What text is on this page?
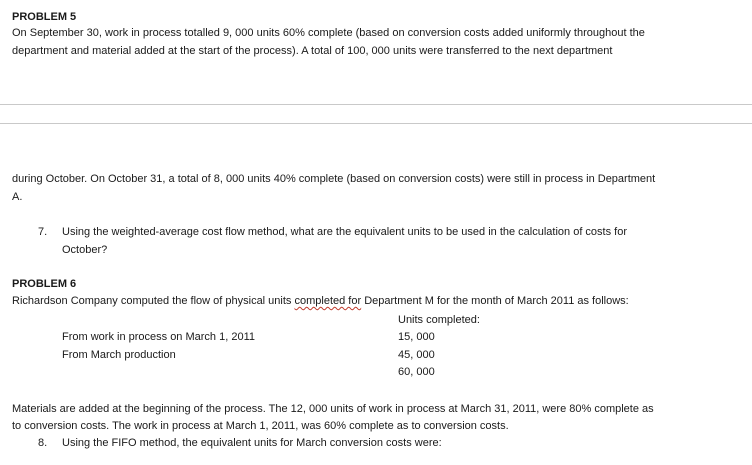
PROBLEM 5
On September 30, work in process totalled 9, 000 units 60% complete (based on conversion costs added uniformly throughout the
department and material added at the start of the process). A total of 100, 000 units were transferred to the next department
during October. On October 31, a total of 8, 000 units 40% complete (based on conversion costs) were still in process in Department
A.
7. Using the weighted-average cost flow method, what are the equivalent units to be used in the calculation of costs for
October?
PROBLEM 6
Richardson Company computed the flow of physical units completed for Department M for the month of March 2011 as follows:
Units completed:
From work in process on March 1, 2011	15, 000
From March production	45, 000
60, 000
Materials are added at the beginning of the process. The 12, 000 units of work in process at March 31, 2011, were 80% complete as
to conversion costs. The work in process at March 1, 2011, was 60% complete as to conversion costs.
8. Using the FIFO method, the equivalent units for March conversion costs were:
